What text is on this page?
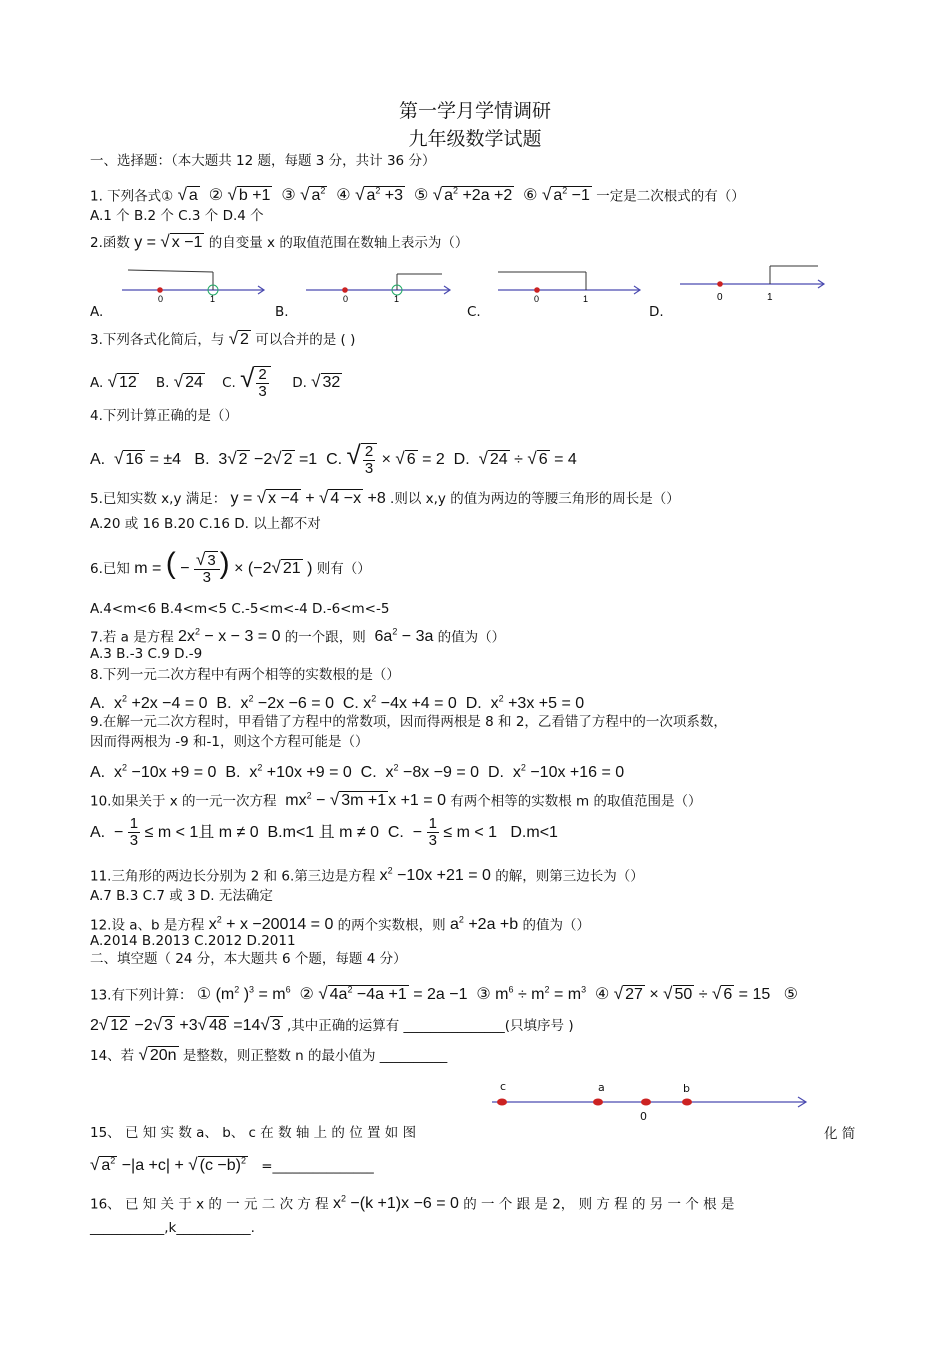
第一学月学情调研
九年级数学试题
一、选择题：（本大题共 12 题，每题 3 分，共计 36 分）
1. 下列各式① √ a  ② √ b +1  ③ √ $a^2$  ④ √ $a^2 +3$  ⑤ √ $a^2 +2a +2$  ⑥ √ $a^2 -1$ 一定是二次根式的有（）
A.1 个 B.2 个 C.3 个 D.4 个
2.函数 y = √ x −1 的自变量 x 的取值范围在数轴上表示为（）
0	1	0	1	0	1	0	1
A.	B.	C.	D.
3.下列各式化简后，与 √ 2 可以合并的是 ( )
A. √ 12 B. √ 24 C. √ $\frac{2}{3} D$. √ 32
4.下列计算正确的是（）
A.  √ 16 = ±4   B.  3√ 2 −2√ 2 =1  C. √ $\frac{2}{3}$ × √ 6 = 2  D.  √ 24 ÷ √ 6 = 4
5.已知实数 x,y 满足： y = √ x −4 + √ 4 −x +8 .则以 x,y 的值为两边的等腰三角形的周长是（）
A.20 或 16 B.20 C.16 D. 以上都不对
6.已知 m = ( − $\frac{√ 3}{3}$ ) × (−2√ 21 ) 则有（）
A.4<m<6 B.4<m<5 C.-5<m<-4 D.-6<m<-5
7.若 a 是方程 $2x^2 - x - 3 = 0$ 的一个跟，则  $6a^2 - 3a$ 的值为（）
A.3 B.-3 C.9 D.-9
8.下列一元二次方程中有两个相等的实数根的是（）
A.  $x^2 +2x -4 = 0$  B.  $x^2 -2x -6 = 0$  C. $x^2 -4x +4 = 0$  D.  $x^2 +3x +5 = 0$
9.在解一元二次方程时，甲看错了方程中的常数项，因而得两根是 8 和 2，乙看错了方程中的一次项系数，
因而得两根为 -9 和-1，则这个方程可能是（）
A.  $x^2 -10x +9 = 0$  B.  $x^2 +10x +9 = 0$  C.  $x^2 -8x -9 = 0$  D.  $x^2 -10x +16 = 0$
10.如果关于 x 的一元一次方程  $mx^2$ − √ 3m +1 x +1 = 0 有两个相等的实数根 m 的取值范围是（）
A.  − $\frac{1}{3} \le m < 1$且 m ≠ 0  B.m<1 且 m ≠ 0  C.  − $\frac{1}{3} \le m < 1$   D.m<1
11.三角形的两边长分别为 2 和 6.第三边是方程 $x^2 -10x +21 = 0$ 的解，则第三边长为（）
A.7 B.3 C.7 或 3 D. 无法确定
12.设 a、b 是方程 $x^2 + x -20014 = 0$ 的两个实数根，则 $a^2 +2a +b$ 的值为（）
A.2014 B.2013 C.2012 D.2011
二、填空题（ 24 分，本大题共 6 个题，每题 4 分）
13.有下列计算： ① ($m^2$ )$^3 = m^6$  ② √ $4a^2 -4a +1 = 2a -1$  ③ $m^6 \div m^2 = m^3$  ④ √ 27 × √ 50 ÷ √ 6 = 15   ⑤
2√ 12 −2√ 3 +3√ 48 =14√ 3 ,其中正确的运算有 _______________(只填序号 )
14、若 √ 20n 是整数，则正整数 n 的最小值为 __________
c	a	b
0
15、 已 知 实 数 a、 b、 c 在 数 轴 上 的 位 置 如 图	化 简
√ $a^2 -|a +c|$ + √ $(c -b)^2$ =_______________
16、 已 知 关 于 x 的 一 元 二 次 方 程 $x^2 -(k +1)x -6 = 0$ 的 一 个 跟 是 2， 则 方 程 的 另 一 个 根 是
___________,k___________.
